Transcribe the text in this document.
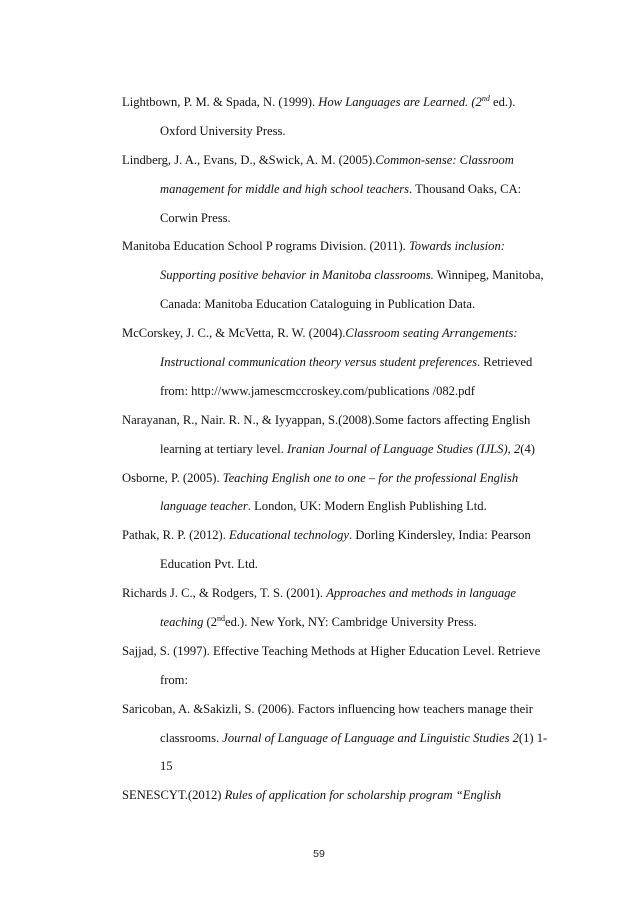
Lightbown, P. M. & Spada, N. (1999). How Languages are Learned. (2nd ed.).
Oxford University Press.
Lindberg, J. A., Evans, D., &Swick, A. M. (2005).Common-sense: Classroom
management for middle and high school teachers. Thousand Oaks, CA:
Corwin Press.
Manitoba Education School P rograms Division. (2011). Towards inclusion:
Supporting positive behavior in Manitoba classrooms. Winnipeg, Manitoba,
Canada: Manitoba Education Cataloguing in Publication Data.
McCorskey, J. C., & McVetta, R. W. (2004).Classroom seating Arrangements:
Instructional communication theory versus student preferences. Retrieved
from: http://www.jamescmccroskey.com/publications /082.pdf
Narayanan, R., Nair. R. N., & Iyyappan, S.(2008).Some factors affecting English
learning at tertiary level. Iranian Journal of Language Studies (IJLS), 2(4)
Osborne, P. (2005). Teaching English one to one – for the professional English
language teacher. London, UK: Modern English Publishing Ltd.
Pathak, R. P. (2012). Educational technology. Dorling Kindersley, India: Pearson
Education Pvt. Ltd.
Richards J. C., & Rodgers, T. S. (2001). Approaches and methods in language
teaching (2nded.). New York, NY: Cambridge University Press.
Sajjad, S. (1997). Effective Teaching Methods at Higher Education Level. Retrieve
from:
Saricoban, A. &Sakizli, S. (2006). Factors influencing how teachers manage their
classrooms. Journal of Language of Language and Linguistic Studies 2(1) 1-
15
SENESCYT.(2012) Rules of application for scholarship program “English
59
